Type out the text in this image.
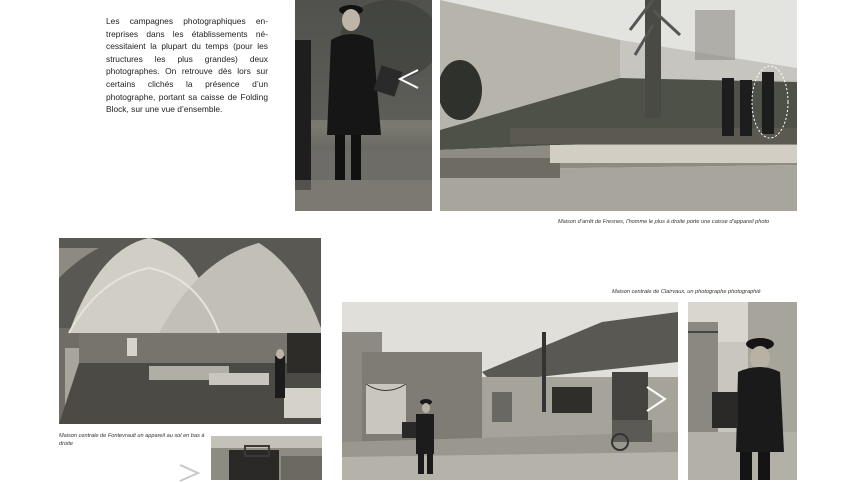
Les campagnes photographiques entreprises dans les établissements nécessitaient la plupart du temps (pour les structures les plus grandes) deux photographes. On retrouve dès lors sur certains clichés la présence d’un photographe, portant sa caisse de Folding Block, sur une vue d’ensemble.

Maison d’arrêt de Fresnes, l’homme le plus à droite porte une caisse d’appareil photo
Maison centrale de Fontevrault un appareil au sol en bas à droite
Maison centrale de Clairvaux, un photographe photographié
